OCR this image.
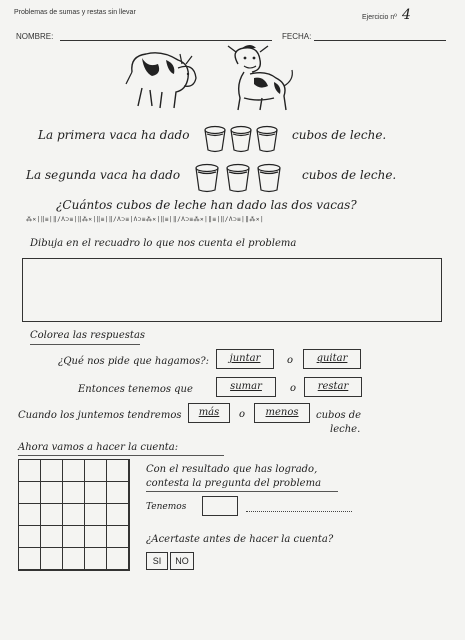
Problemas de sumas y restas sin llevar
Ejercicio nº 4
NOMBRE:	FECHA:
La primera vaca ha dado	cubos de leche.
La segunda vaca ha dado	cubos de leche.
¿Cuántos cubos de leche han dado las dos vacas?
⁂✕|‖≡|‖/Λ⊃≡|‖⁂✕|‖≡|‖/Λ⊃≡|Λ⊃≡⁂✕|‖≡|‖/Λ⊃≡⁂✕|‖≡|‖/Λ⊃≡|‖⁂✕|
Dibuja en el recuadro lo que nos cuenta el problema
Colorea las respuestas
¿Qué nos pide que hagamos?:	juntar	o	quitar
Entonces tenemos que	sumar	o	restar
Cuando los juntemos tendremos	más	o	menos	cubos de
leche.
Ahora vamos a hacer la cuenta:
Con el resultado que has logrado,
contesta la pregunta del problema
Tenemos
¿Acertaste antes de hacer la cuenta?
SI	NO
